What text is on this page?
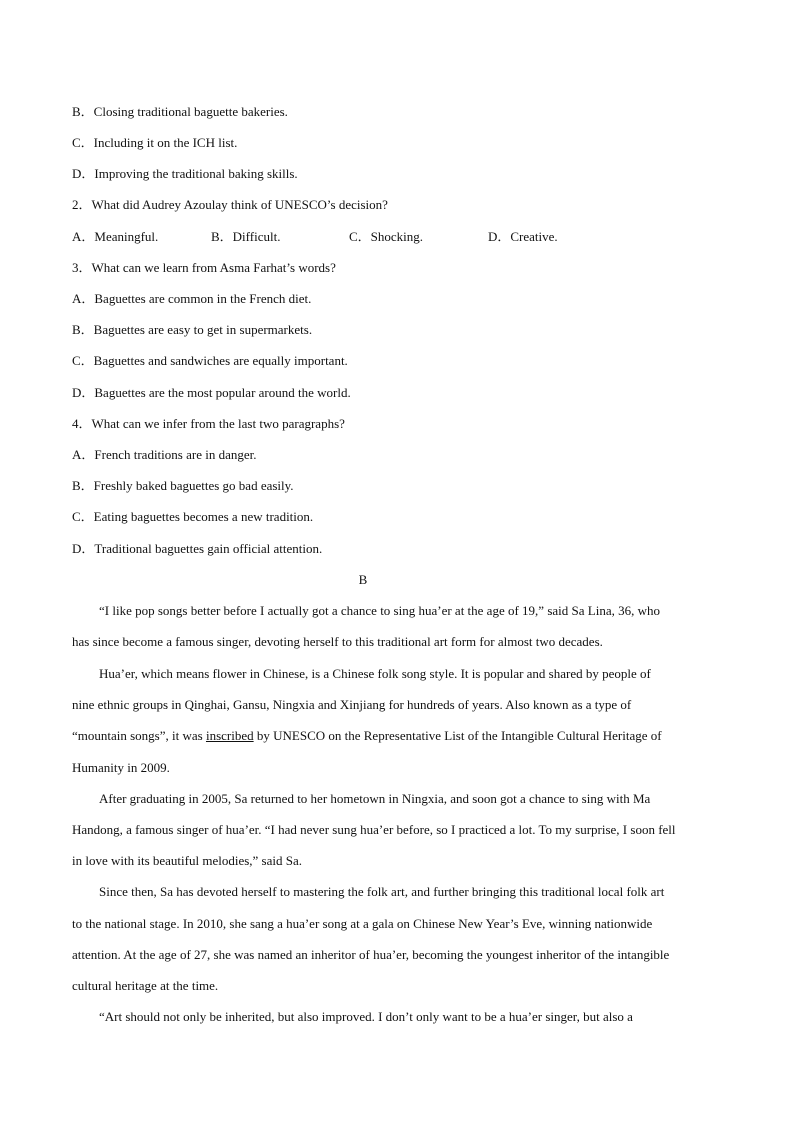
B．Closing traditional baguette bakeries.
C．Including it on the ICH list.
D．Improving the traditional baking skills.
2．What did Audrey Azoulay think of UNESCO’s decision?
A．Meaningful.	B．Difficult.	C．Shocking.	D．Creative.
3．What can we learn from Asma Farhat’s words?
A．Baguettes are common in the French diet.
B．Baguettes are easy to get in supermarkets.
C．Baguettes and sandwiches are equally important.
D．Baguettes are the most popular around the world.
4．What can we infer from the last two paragraphs?
A．French traditions are in danger.
B．Freshly baked baguettes go bad easily.
C．Eating baguettes becomes a new tradition.
D．Traditional baguettes gain official attention.
B
“I like pop songs better before I actually got a chance to sing hua’er at the age of 19,” said Sa Lina, 36, who
has since become a famous singer, devoting herself to this traditional art form for almost two decades.
Hua’er, which means flower in Chinese, is a Chinese folk song style. It is popular and shared by people of
nine ethnic groups in Qinghai, Gansu, Ningxia and Xinjiang for hundreds of years. Also known as a type of
“mountain songs”, it was inscribed by UNESCO on the Representative List of the Intangible Cultural Heritage of
Humanity in 2009.
After graduating in 2005, Sa returned to her hometown in Ningxia, and soon got a chance to sing with Ma
Handong, a famous singer of hua’er. “I had never sung hua’er before, so I practiced a lot. To my surprise, I soon fell
in love with its beautiful melodies,” said Sa.
Since then, Sa has devoted herself to mastering the folk art, and further bringing this traditional local folk art
to the national stage. In 2010, she sang a hua’er song at a gala on Chinese New Year’s Eve, winning nationwide
attention. At the age of 27, she was named an inheritor of hua’er, becoming the youngest inheritor of the intangible
cultural heritage at the time.
“Art should not only be inherited, but also improved. I don’t only want to be a hua’er singer, but also a
